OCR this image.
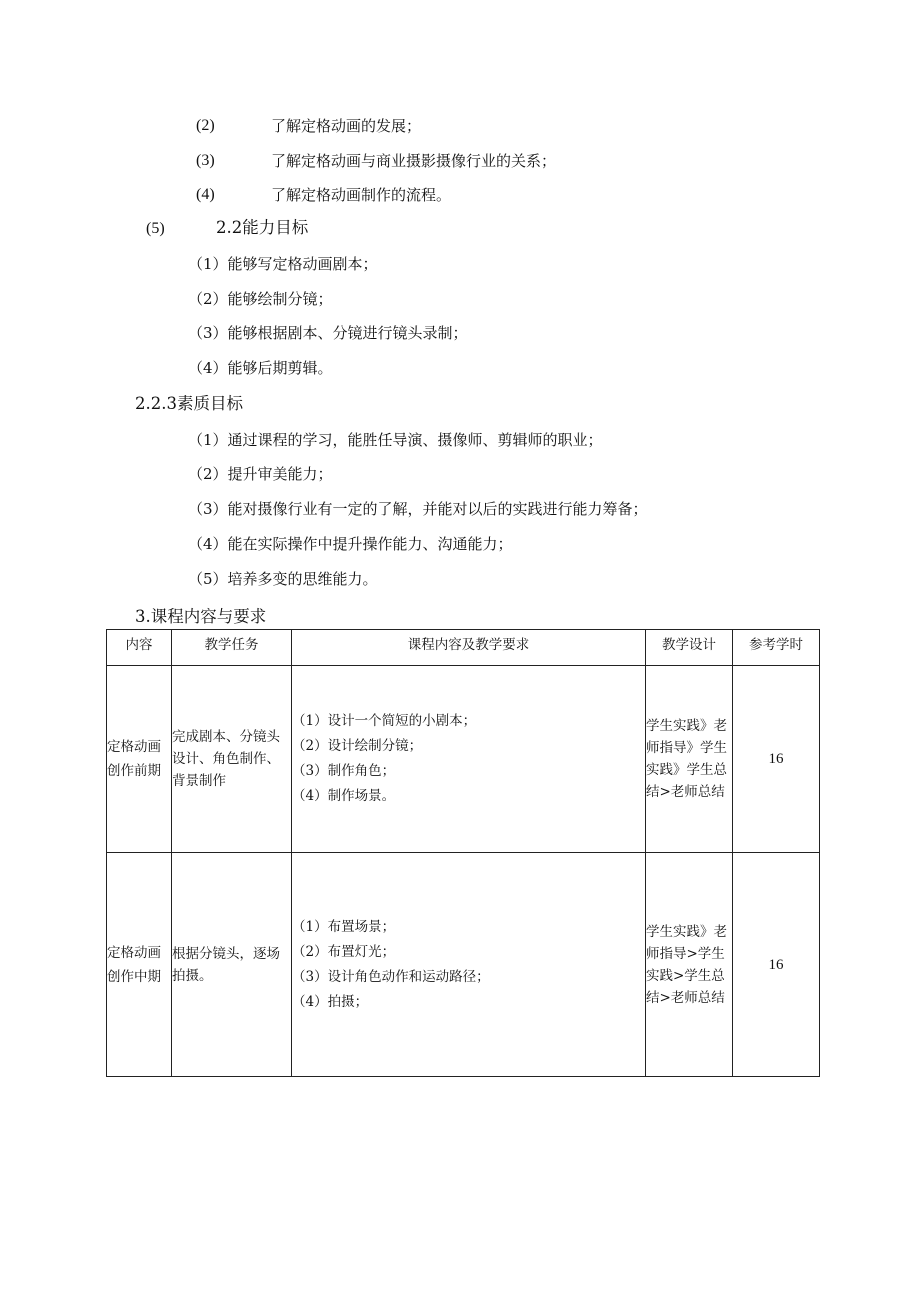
(2)	了解定格动画的发展；
(3)	了解定格动画与商业摄影摄像行业的关系；
(4)	了解定格动画制作的流程。
(5)	2.2能力目标
（1）能够写定格动画剧本；
（2）能够绘制分镜；
（3）能够根据剧本、分镜进行镜头录制；
（4）能够后期剪辑。
2.2.3素质目标
（1）通过课程的学习，能胜任导演、摄像师、剪辑师的职业；
（2）提升审美能力；
（3）能对摄像行业有一定的了解，并能对以后的实践进行能力筹备；
（4）能在实际操作中提升操作能力、沟通能力；
（5）培养多变的思维能力。
3.课程内容与要求
内容	教学任务	课程内容及教学要求	教学设计	参考学时
定格动画创作前期	完成剧本、分镜头设计、角色制作、背景制作	（1）设计一个简短的小剧本；
（2）设计绘制分镜；
（3）制作角色；
（4）制作场景。	学生实践》老师指导》学生实践》学生总结>老师总结	16
定格动画创作中期	根据分镜头，逐场拍摄。	（1）布置场景；
（2）布置灯光；
（3）设计角色动作和运动路径；
（4）拍摄；	学生实践》老师指导>学生实践>学生总结>老师总结	16
